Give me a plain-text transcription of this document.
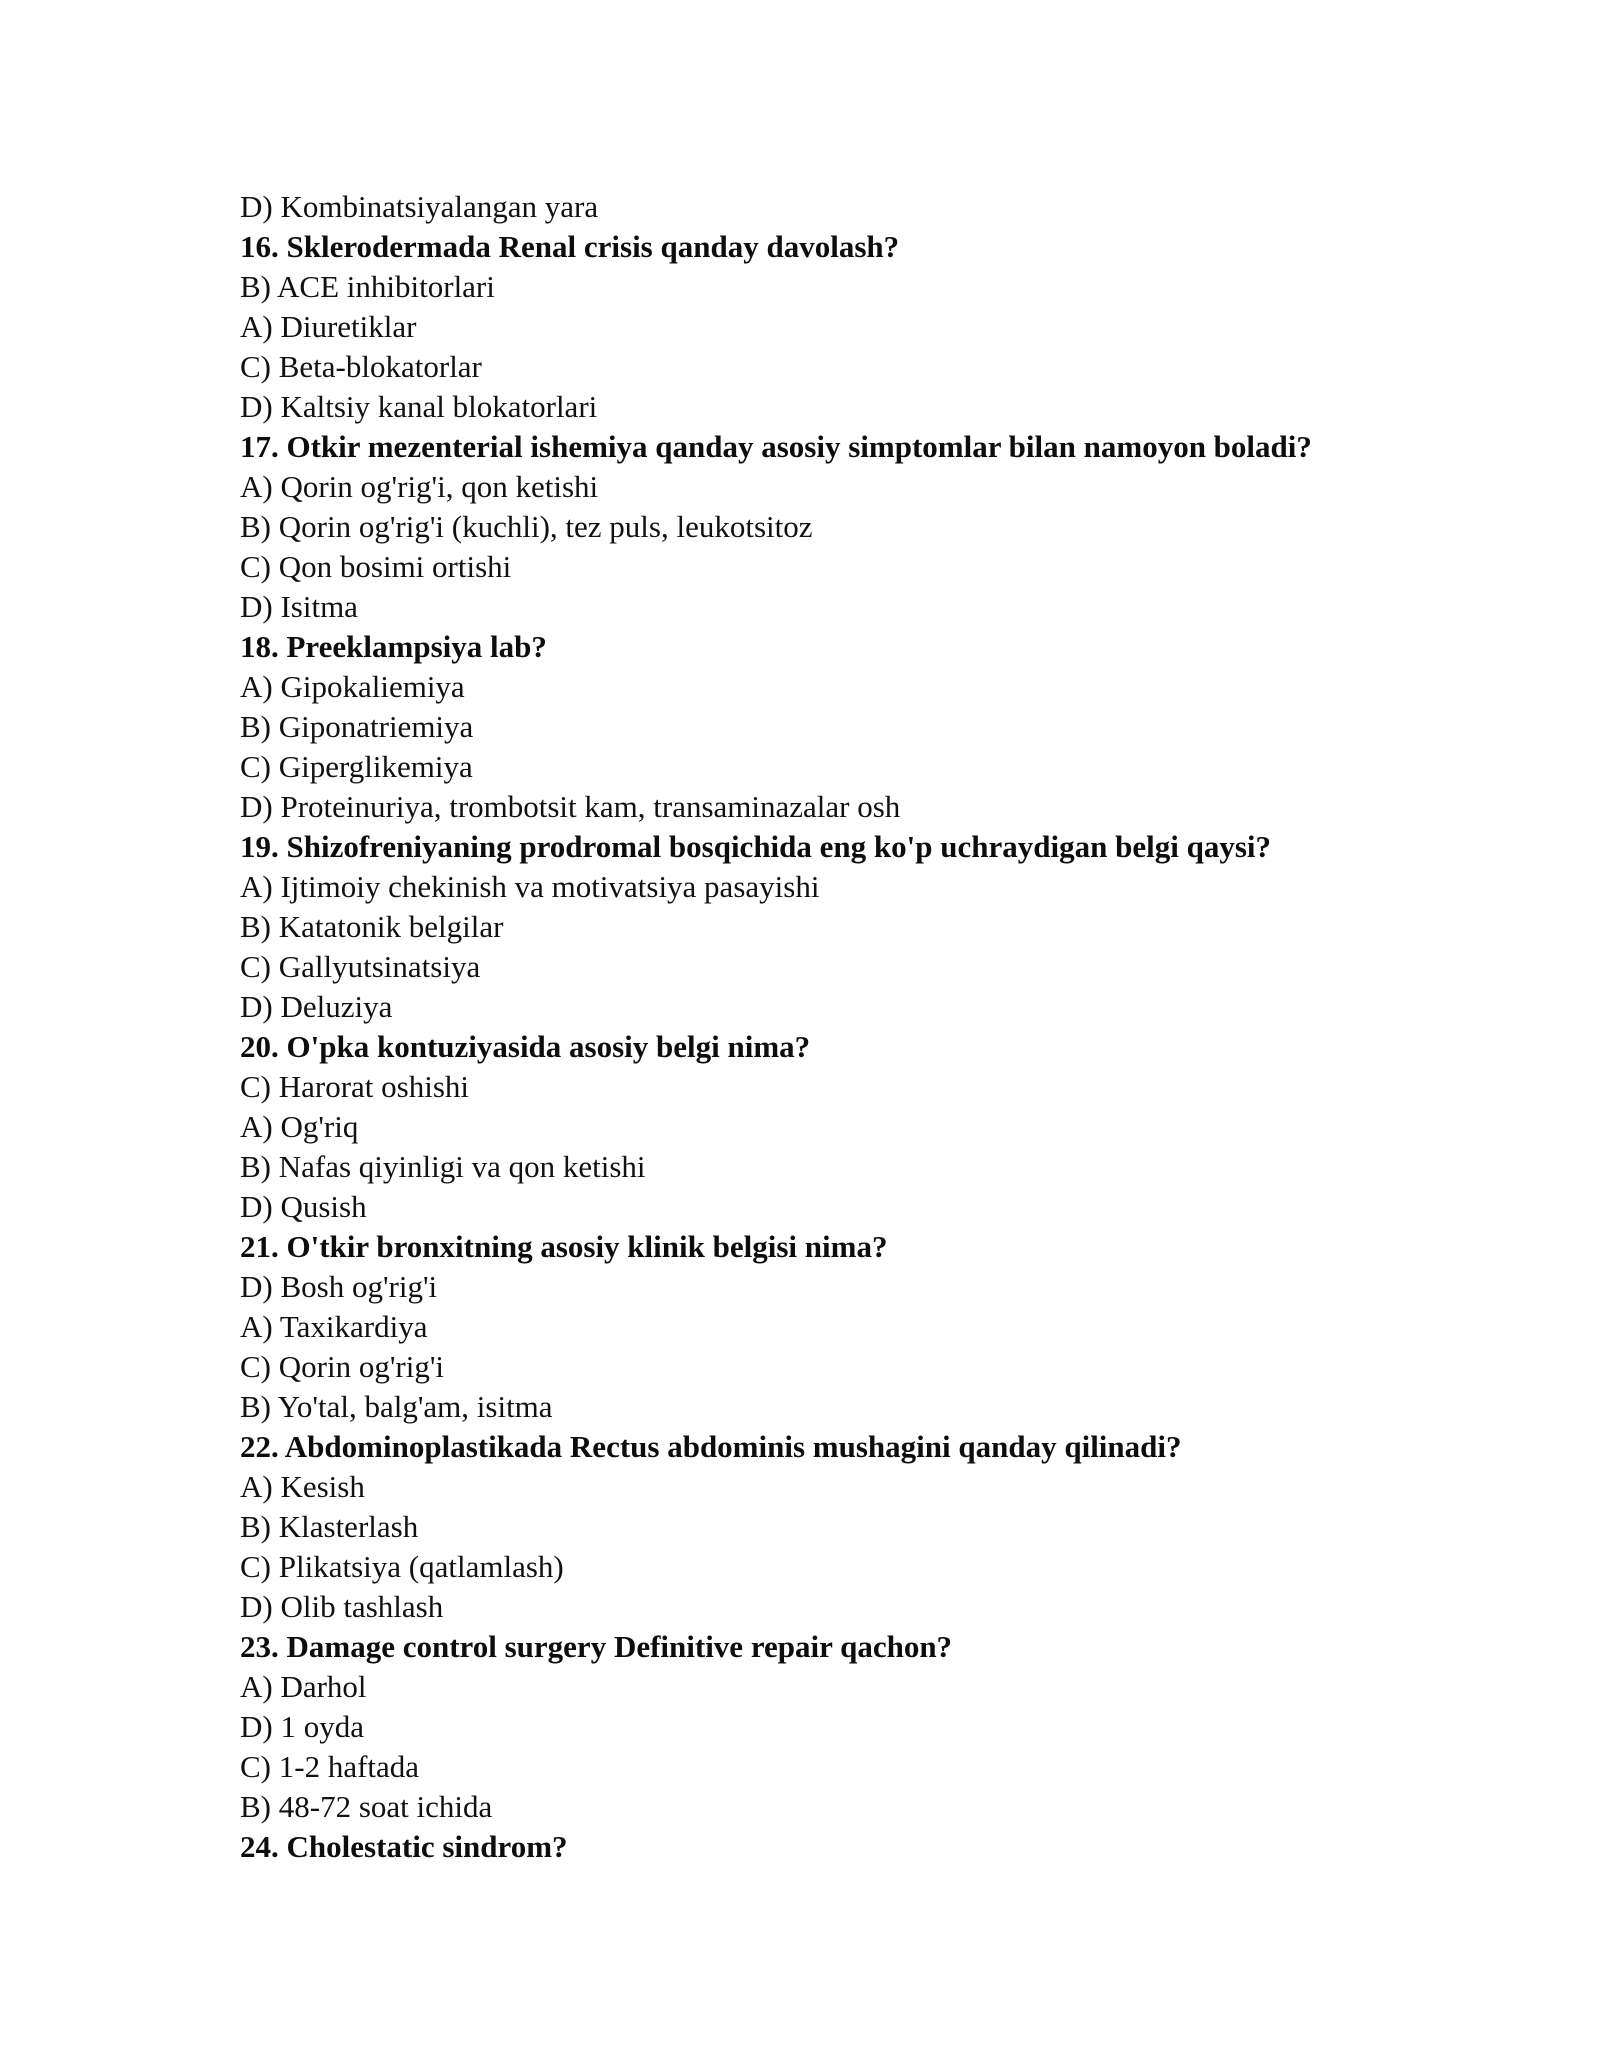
D) Kombinatsiyalangan yara
16. Sklerodermada Renal crisis qanday davolash?
B) ACE inhibitorlari
A) Diuretiklar
C) Beta-blokatorlar
D) Kaltsiy kanal blokatorlari
17. Otkir mezenterial ishemiya qanday asosiy simptomlar bilan namoyon boladi?
A) Qorin og'rig'i, qon ketishi
B) Qorin og'rig'i (kuchli), tez puls, leukotsitoz
C) Qon bosimi ortishi
D) Isitma
18. Preeklampsiya lab?
A) Gipokaliemiya
B) Giponatriemiya
C) Giperglikemiya
D) Proteinuriya, trombotsit kam, transaminazalar osh
19. Shizofreniyaning prodromal bosqichida eng ko'p uchraydigan belgi qaysi?
A) Ijtimoiy chekinish va motivatsiya pasayishi
B) Katatonik belgilar
C) Gallyutsinatsiya
D) Deluziya
20. O'pka kontuziyasida asosiy belgi nima?
C) Harorat oshishi
A) Og'riq
B) Nafas qiyinligi va qon ketishi
D) Qusish
21. O'tkir bronxitning asosiy klinik belgisi nima?
D) Bosh og'rig'i
A) Taxikardiya
C) Qorin og'rig'i
B) Yo'tal, balg'am, isitma
22. Abdominoplastikada Rectus abdominis mushagini qanday qilinadi?
A) Kesish
B) Klasterlash
C) Plikatsiya (qatlamlash)
D) Olib tashlash
23. Damage control surgery Definitive repair qachon?
A) Darhol
D) 1 oyda
C) 1-2 haftada
B) 48-72 soat ichida
24. Cholestatic sindrom?
